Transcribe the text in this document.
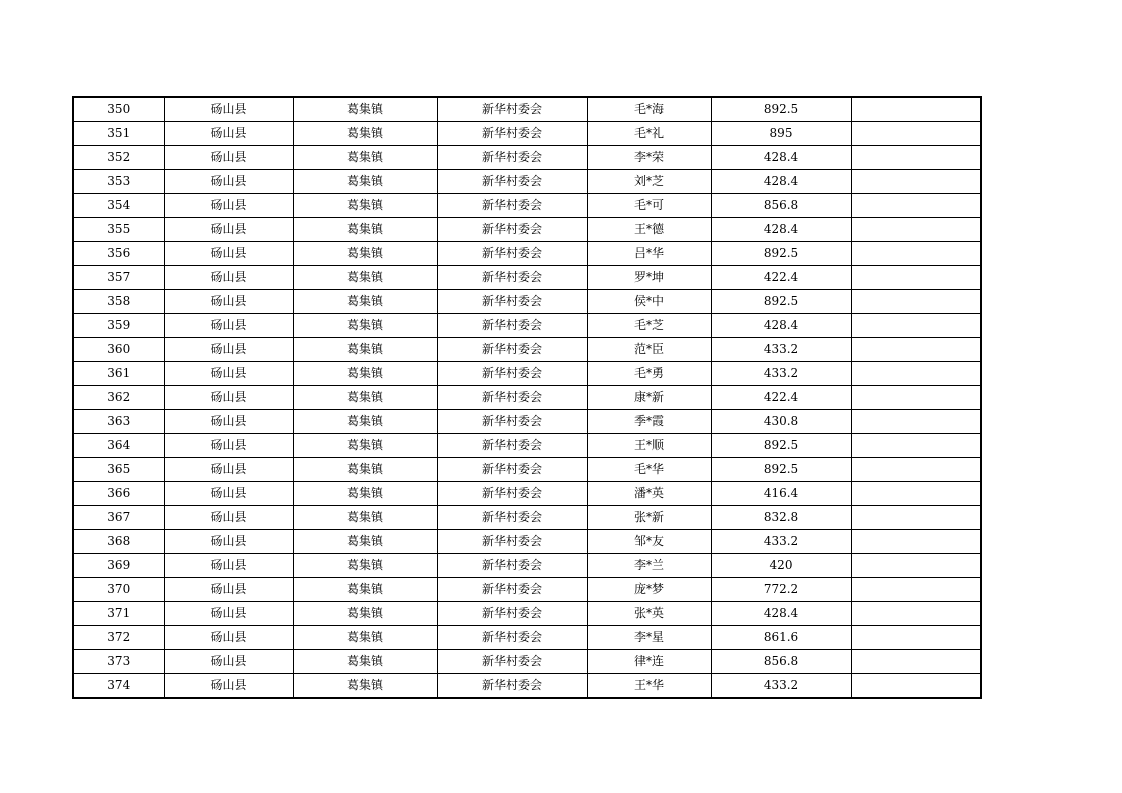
350	砀山县	葛集镇	新华村委会	毛*海	892.5	
351	砀山县	葛集镇	新华村委会	毛*礼	895	
352	砀山县	葛集镇	新华村委会	李*荣	428.4	
353	砀山县	葛集镇	新华村委会	刘*芝	428.4	
354	砀山县	葛集镇	新华村委会	毛*可	856.8	
355	砀山县	葛集镇	新华村委会	王*德	428.4	
356	砀山县	葛集镇	新华村委会	吕*华	892.5	
357	砀山县	葛集镇	新华村委会	罗*坤	422.4	
358	砀山县	葛集镇	新华村委会	侯*中	892.5	
359	砀山县	葛集镇	新华村委会	毛*芝	428.4	
360	砀山县	葛集镇	新华村委会	范*臣	433.2	
361	砀山县	葛集镇	新华村委会	毛*勇	433.2	
362	砀山县	葛集镇	新华村委会	康*新	422.4	
363	砀山县	葛集镇	新华村委会	季*霞	430.8	
364	砀山县	葛集镇	新华村委会	王*顺	892.5	
365	砀山县	葛集镇	新华村委会	毛*华	892.5	
366	砀山县	葛集镇	新华村委会	潘*英	416.4	
367	砀山县	葛集镇	新华村委会	张*新	832.8	
368	砀山县	葛集镇	新华村委会	邹*友	433.2	
369	砀山县	葛集镇	新华村委会	李*兰	420	
370	砀山县	葛集镇	新华村委会	庞*梦	772.2	
371	砀山县	葛集镇	新华村委会	张*英	428.4	
372	砀山县	葛集镇	新华村委会	李*星	861.6	
373	砀山县	葛集镇	新华村委会	律*连	856.8	
374	砀山县	葛集镇	新华村委会	王*华	433.2	
